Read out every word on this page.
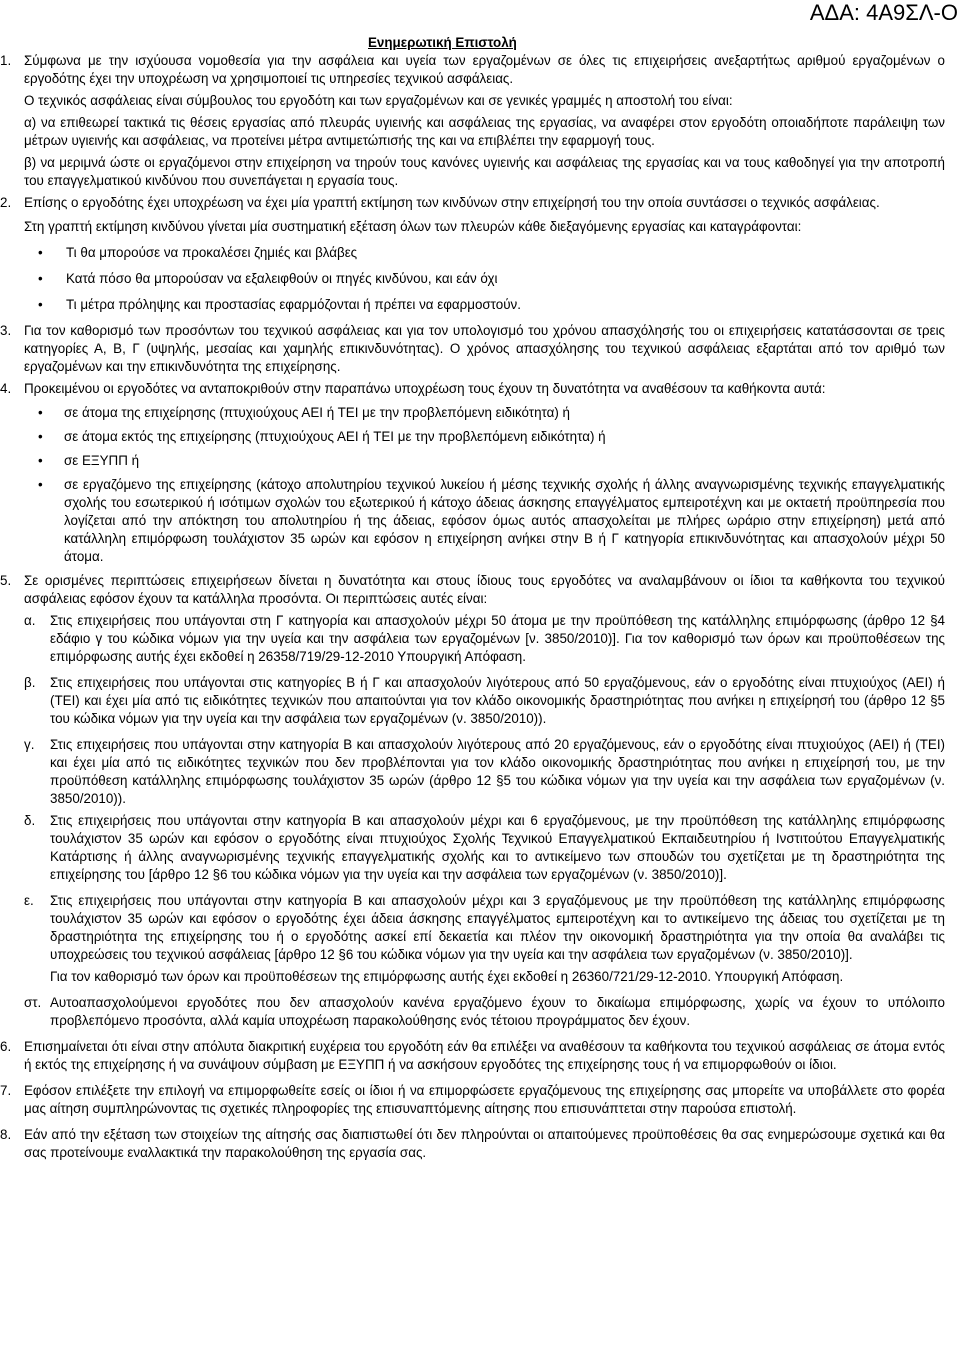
ΑΔΑ: 4Α9ΣΛ-Ο
Ενημερωτική Επιστολή
1. Σύμφωνα με την ισχύουσα νομοθεσία για την ασφάλεια και υγεία των εργαζομένων σε όλες τις επιχειρήσεις ανεξαρτήτως αριθμού εργαζομένων ο εργοδότης έχει την υποχρέωση να χρησιμοποιεί τις υπηρεσίες τεχνικού ασφάλειας.

Ο τεχνικός ασφάλειας είναι σύμβουλος του εργοδότη και των εργαζομένων και σε γενικές γραμμές η αποστολή του είναι:

α) να επιθεωρεί τακτικά τις θέσεις εργασίας από πλευράς υγιεινής και ασφάλειας της εργασίας, να αναφέρει στον εργοδότη οποιαδήποτε παράλειψη των μέτρων υγιεινής και ασφάλειας, να προτείνει μέτρα αντιμετώπισής της και να επιβλέπει την εφαρμογή τους.

β) να μεριμνά ώστε οι εργαζόμενοι στην επιχείρηση να τηρούν τους κανόνες υγιεινής και ασφάλειας της εργασίας και να τους καθοδηγεί για την αποτροπή του επαγγελματικού κινδύνου που συνεπάγεται η εργασία τους.

2. Επίσης ο εργοδότης έχει υποχρέωση να έχει μία γραπτή εκτίμηση των κινδύνων στην επιχείρησή του την οποία συντάσσει ο τεχνικός ασφάλειας.

Στη γραπτή εκτίμηση κινδύνου γίνεται μία συστηματική εξέταση όλων των πλευρών κάθε διεξαγόμενης εργασίας και καταγράφονται:

• Τι θα μπορούσε να προκαλέσει ζημιές και βλάβες
• Κατά πόσο θα μπορούσαν να εξαλειφθούν οι πηγές κινδύνου, και εάν όχι
• Τι μέτρα πρόληψης και προστασίας εφαρμόζονται ή πρέπει να εφαρμοστούν.
3. Για τον καθορισμό των προσόντων του τεχνικού ασφάλειας και για τον υπολογισμό του χρόνου απασχόλησής του οι επιχειρήσεις κατατάσσονται σε τρεις κατηγορίες Α, Β, Γ (υψηλής, μεσαίας και χαμηλής επικινδυνότητας). Ο χρόνος απασχόλησης του τεχνικού ασφάλειας εξαρτάται από τον αριθμό των εργαζομένων και την επικινδυνότητα της επιχείρησης.

4. Προκειμένου οι εργοδότες να ανταποκριθούν στην παραπάνω υποχρέωση τους έχουν τη δυνατότητα να αναθέσουν τα καθήκοντα αυτά:

• σε άτομα της επιχείρησης (πτυχιούχους ΑΕΙ ή ΤΕΙ με την προβλεπόμενη ειδικότητα) ή
• σε άτομα εκτός της επιχείρησης (πτυχιούχους ΑΕΙ ή ΤΕΙ με την προβλεπόμενη ειδικότητα) ή
• σε ΕΞΥΠΠ ή
• σε εργαζόμενο της επιχείρησης (κάτοχο απολυτηρίου τεχνικού λυκείου ή μέσης τεχνικής σχολής ή άλλης αναγνωρισμένης τεχνικής επαγγελματικής σχολής του εσωτερικού ή ισότιμων σχολών του εξωτερικού ή κάτοχο άδειας άσκησης επαγγέλματος εμπειροτέχνη και με οκταετή προϋπηρεσία που λογίζεται από την απόκτηση του απολυτηρίου ή της άδειας, εφόσον όμως αυτός απασχολείται με πλήρες ωράριο στην επιχείρηση) μετά από κατάλληλη επιμόρφωση τουλάχιστον 35 ωρών και εφόσον η επιχείρηση ανήκει στην Β ή Γ κατηγορία επικινδυνότητας και απασχολούν μέχρι 50 άτομα.
5. Σε ορισμένες περιπτώσεις επιχειρήσεων δίνεται η δυνατότητα και στους ίδιους τους εργοδότες να αναλαμβάνουν οι ίδιοι τα καθήκοντα του τεχνικού ασφάλειας εφόσον έχουν τα κατάλληλα προσόντα. Οι περιπτώσεις αυτές είναι:

α. Στις επιχειρήσεις που υπάγονται στη Γ κατηγορία και απασχολούν μέχρι 50 άτομα με την προϋπόθεση της κατάλληλης επιμόρφωσης (άρθρο 12 §4 εδάφιο γ του κώδικα νόμων για την υγεία και την ασφάλεια των εργαζομένων [ν. 3850/2010)]. Για τον καθορισμό των όρων και προϋποθέσεων της επιμόρφωσης αυτής έχει εκδοθεί η 26358/719/29-12-2010 Υπουργική Απόφαση.

β. Στις επιχειρήσεις που υπάγονται στις κατηγορίες Β ή Γ και απασχολούν λιγότερους από 50 εργαζόμενους, εάν ο εργοδότης είναι πτυχιούχος (ΑΕΙ) ή (ΤΕΙ) και έχει μία από τις ειδικότητες τεχνικών που απαιτούνται για τον κλάδο οικονομικής δραστηριότητας που ανήκει η επιχείρησή του (άρθρο 12 §5 του κώδικα νόμων για την υγεία και την ασφάλεια των εργαζομένων (ν. 3850/2010)).

γ. Στις επιχειρήσεις που υπάγονται στην κατηγορία Β και απασχολούν λιγότερους από 20 εργαζόμενους, εάν ο εργοδότης είναι πτυχιούχος (ΑΕΙ) ή (ΤΕΙ) και έχει μία από τις ειδικότητες τεχνικών που δεν προβλέπονται για τον κλάδο οικονομικής δραστηριότητας που ανήκει η επιχείρησή του, με την προϋπόθεση κατάλληλης επιμόρφωσης τουλάχιστον 35 ωρών (άρθρο 12 §5 του κώδικα νόμων για την υγεία και την ασφάλεια των εργαζομένων (ν. 3850/2010)).

δ. Στις επιχειρήσεις που υπάγονται στην κατηγορία Β και απασχολούν μέχρι και 6 εργαζόμενους, με την προϋπόθεση της κατάλληλης επιμόρφωσης τουλάχιστον 35 ωρών και εφόσον ο εργοδότης είναι πτυχιούχος Σχολής Τεχνικού Επαγγελματικού Εκπαιδευτηρίου ή Ινστιτούτου Επαγγελματικής Κατάρτισης ή άλλης αναγνωρισμένης τεχνικής επαγγελματικής σχολής και το αντικείμενο των σπουδών του σχετίζεται με τη δραστηριότητα της επιχείρησης του [άρθρο 12 §6 του κώδικα νόμων για την υγεία και την ασφάλεια των εργαζομένων (ν. 3850/2010)].

ε. Στις επιχειρήσεις που υπάγονται στην κατηγορία Β και απασχολούν μέχρι και 3 εργαζόμενους με την προϋπόθεση της κατάλληλης επιμόρφωσης τουλάχιστον 35 ωρών και εφόσον ο εργοδότης έχει άδεια άσκησης επαγγέλματος εμπειροτέχνη και το αντικείμενο της άδειας του σχετίζεται με τη δραστηριότητα της επιχείρησης του ή ο εργοδότης ασκεί επί δεκαετία και πλέον την οικονομική δραστηριότητα για την οποία θα αναλάβει τις υποχρεώσεις του τεχνικού ασφάλειας [άρθρο 12 §6 του κώδικα νόμων για την υγεία και την ασφάλεια των εργαζομένων (ν. 3850/2010)].

Για τον καθορισμό των όρων και προϋποθέσεων της επιμόρφωσης αυτής έχει εκδοθεί η 26360/721/29-12-2010. Υπουργική Απόφαση.

στ. Αυτοαπασχολούμενοι εργοδότες που δεν απασχολούν κανένα εργαζόμενο έχουν το δικαίωμα επιμόρφωσης, χωρίς να έχουν το υπόλοιπο προβλεπόμενο προσόντα, αλλά καμία υποχρέωση παρακολούθησης ενός τέτοιου προγράμματος δεν έχουν.

6. Επισημαίνεται ότι είναι στην απόλυτα διακριτική ευχέρεια του εργοδότη εάν θα επιλέξει να αναθέσουν τα καθήκοντα του τεχνικού ασφάλειας σε άτομα εντός ή εκτός της επιχείρησης ή να συνάψουν σύμβαση με ΕΞΥΠΠ ή να ασκήσουν εργοδότες της επιχείρησης τους ή να επιμορφωθούν οι ίδιοι.

7. Εφόσον επιλέξετε την επιλογή να επιμορφωθείτε εσείς οι ίδιοι ή να επιμορφώσετε εργαζόμενους της επιχείρησης σας μπορείτε να υποβάλλετε στο φορέα μας αίτηση συμπληρώνοντας τις σχετικές πληροφορίες της επισυναπτόμενης αίτησης που επισυνάπτεται στην παρούσα επιστολή.

8. Εάν από την εξέταση των στοιχείων της αίτησής σας διαπιστωθεί ότι δεν πληρούνται οι απαιτούμενες προϋποθέσεις θα σας ενημερώσουμε σχετικά και θα σας προτείνουμε εναλλακτικά την παρακολούθηση της εργασία σας.
